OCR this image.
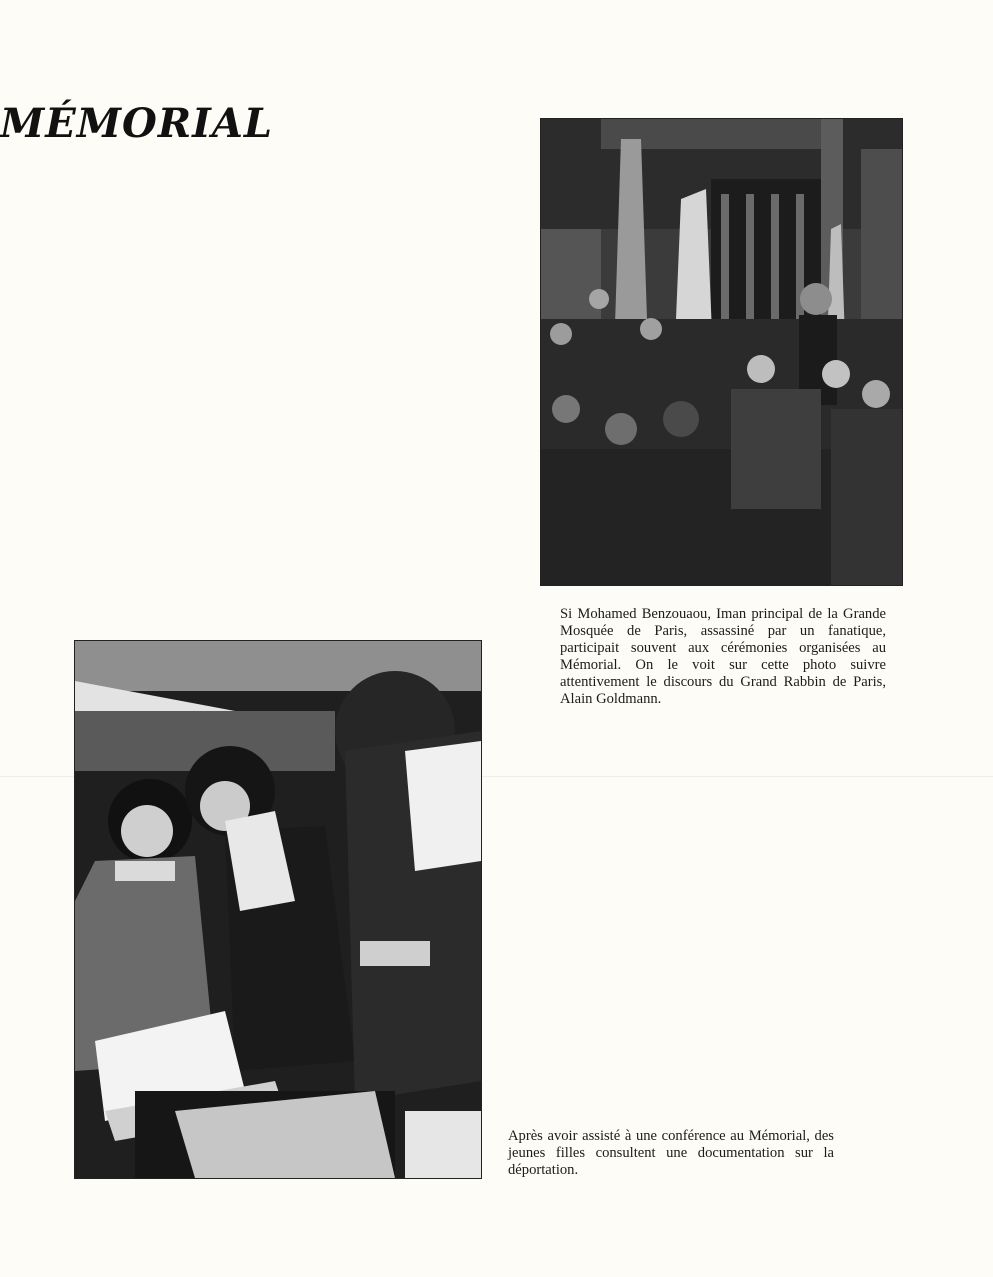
MÉMORIAL
Si Mohamed Benzouaou, Iman principal de la Grande Mosquée de Paris, assassiné par un fanatique, participait souvent aux cérémonies organisées au Mémorial. On le voit sur cette photo suivre attentivement le discours du Grand Rabbin de Paris, Alain Goldmann.
Après avoir assisté à une conférence au Mémorial, des jeunes filles consultent une documentation sur la déportation.
